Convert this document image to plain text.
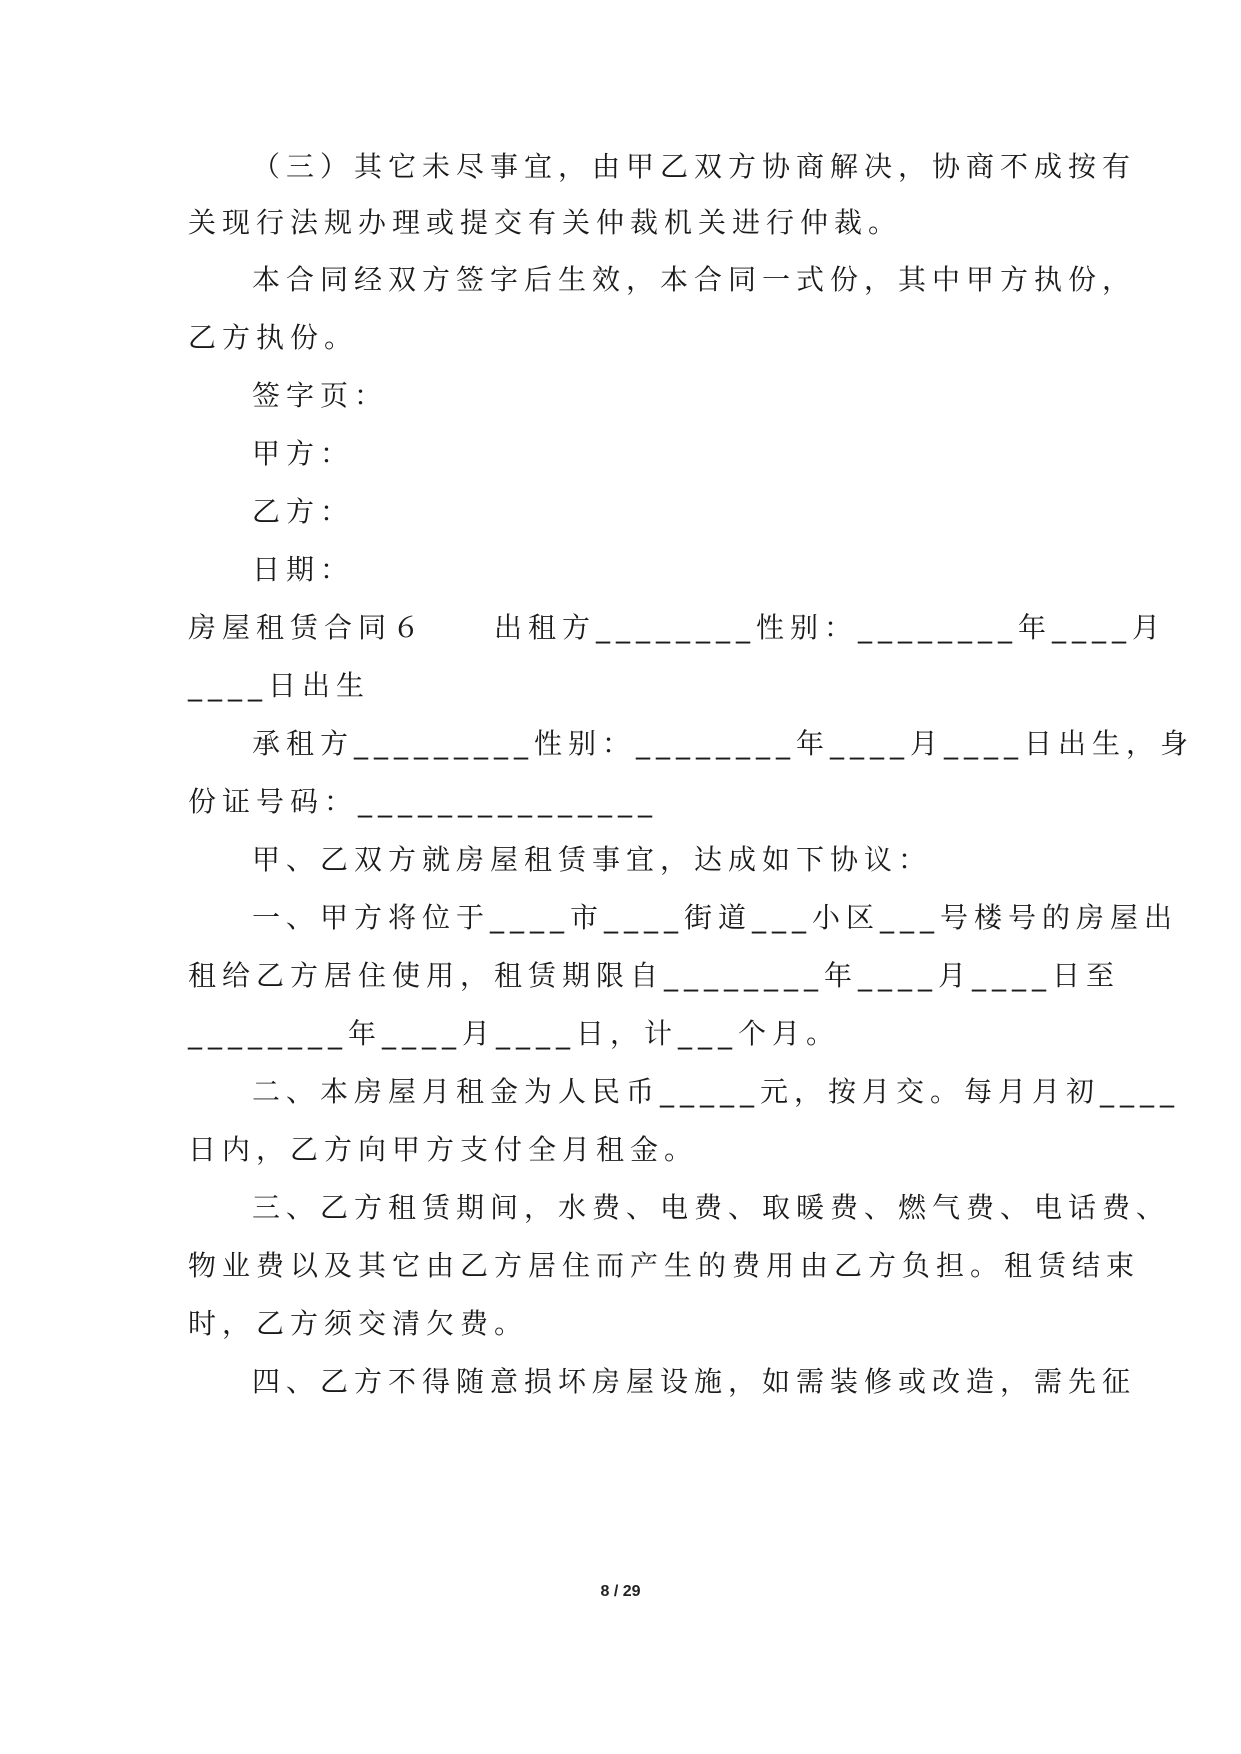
（三）其它未尽事宜，由甲乙双方协商解决，协商不成按有
关现行法规办理或提交有关仲裁机关进行仲裁。
本合同经双方签字后生效，本合同一式份，其中甲方执份，
乙方执份。
签字页：
甲方：
乙方：
日期：
房屋租赁合同６　　出租方________性别：________年____月
____日出生
承租方_________性别：________年____月____日出生，身
份证号码：_______________
甲、乙双方就房屋租赁事宜，达成如下协议：
一、甲方将位于____市____街道___小区___号楼号的房屋出
租给乙方居住使用，租赁期限自________年____月____日至
________年____月____日，计___个月。
二、本房屋月租金为人民币_____元，按月交。每月月初____
日内，乙方向甲方支付全月租金。
三、乙方租赁期间，水费、电费、取暖费、燃气费、电话费、
物业费以及其它由乙方居住而产生的费用由乙方负担。租赁结束
时，乙方须交清欠费。
四、乙方不得随意损坏房屋设施，如需装修或改造，需先征
8 / 29
